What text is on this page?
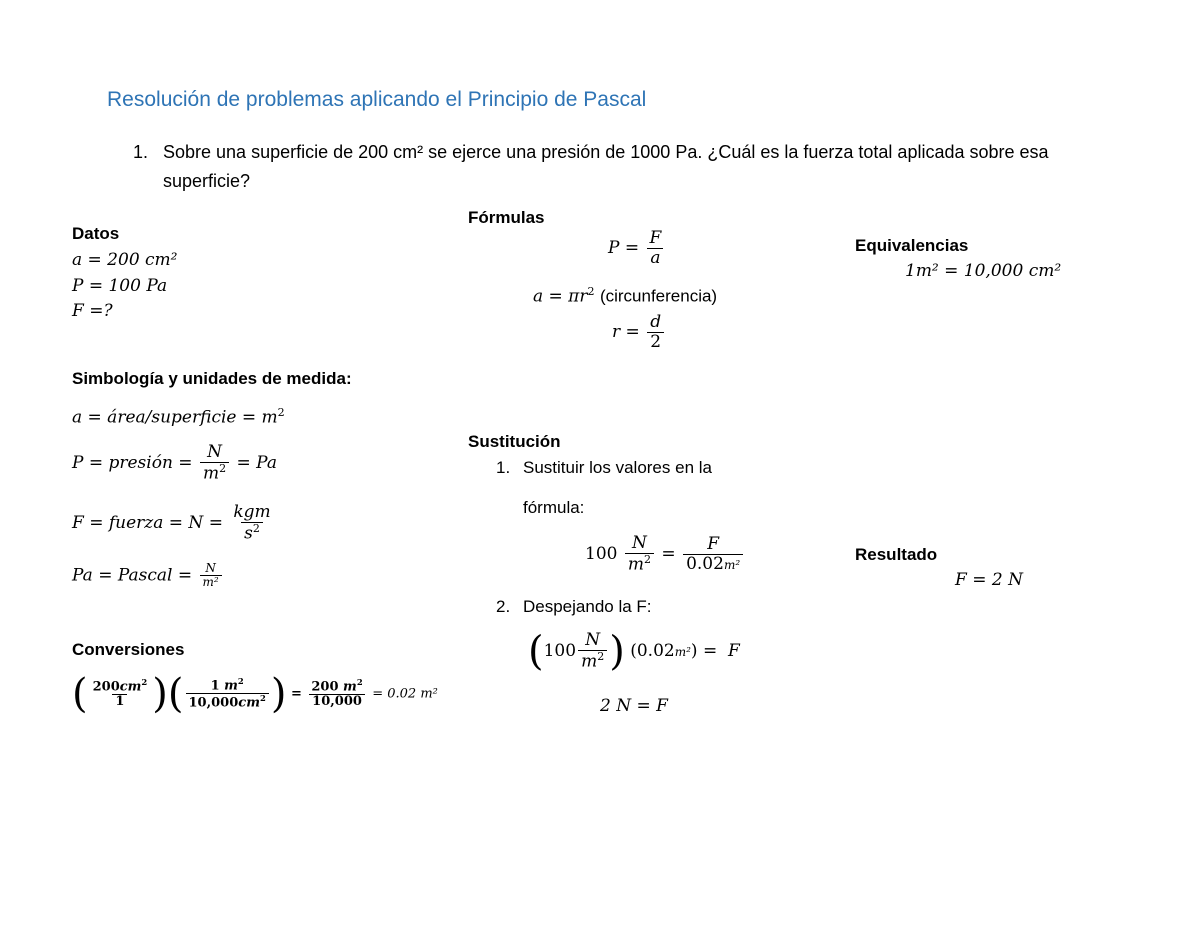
Resolución de problemas aplicando el Principio de Pascal
1. Sobre una superficie de 200 cm² se ejerce una presión de 1000 Pa. ¿Cuál es la fuerza total aplicada sobre esa superficie?
Datos
a = 200 cm²
P = 100 Pa
F =?
Fórmulas
$P = \frac{F}{a}$
$a = \pi r^2$ (circunferencia)
$r = \frac{d}{2}$
Equivalencias
1m² = 10,000 cm²
Simbología y unidades de medida:
a = área/superficie = $m^2$
P = presión = $\frac{N}{m^2} = Pa$
F = fuerza = $N = \frac{\text{kgm}}{s^2}$
Pa = Pascal = $\frac{N}{\text{m²}}$
Sustitución
1. Sustituir los valores en la
fórmula:
$100 \frac{N}{m^2} = \frac{F}{\text{0.02m²}}$
2. Despejando la F:
($100 \frac{N}{m^2}$ ) (0.02m²) =  F
2 N = F
Resultado
F = 2 N
Conversiones
( $\frac{200cm^2}{1}$ )( $\frac{1 m^2}{10,000cm^2}$ ) = $\frac{200 m^2}{10,000} = 0.02$ m²
